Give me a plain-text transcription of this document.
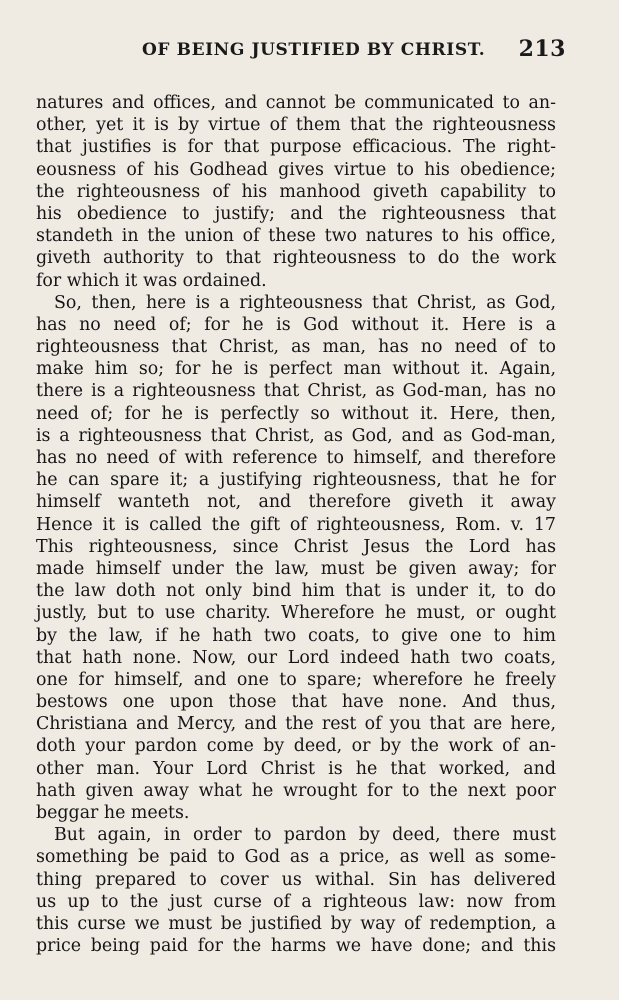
OF BEING JUSTIFIED BY CHRIST. 213
natures and offices, and cannot be communicated to an-
other, yet it is by virtue of them that the righteousness
that justifies is for that purpose efficacious. The right-
eousness of his Godhead gives virtue to his obedience;
the righteousness of his manhood giveth capability to
his obedience to justify; and the righteousness that
standeth in the union of these two natures to his office,
giveth authority to that righteousness to do the work
for which it was ordained.
So, then, here is a righteousness that Christ, as God,
has no need of; for he is God without it. Here is a
righteousness that Christ, as man, has no need of to
make him so; for he is perfect man without it. Again,
there is a righteousness that Christ, as God-man, has no
need of; for he is perfectly so without it. Here, then,
is a righteousness that Christ, as God, and as God-man,
has no need of with reference to himself, and therefore
he can spare it; a justifying righteousness, that he for
himself wanteth not, and therefore giveth it away
Hence it is called the gift of righteousness, Rom. v. 17
This righteousness, since Christ Jesus the Lord has
made himself under the law, must be given away; for
the law doth not only bind him that is under it, to do
justly, but to use charity. Wherefore he must, or ought
by the law, if he hath two coats, to give one to him
that hath none. Now, our Lord indeed hath two coats,
one for himself, and one to spare; wherefore he freely
bestows one upon those that have none. And thus,
Christiana and Mercy, and the rest of you that are here,
doth your pardon come by deed, or by the work of an-
other man. Your Lord Christ is he that worked, and
hath given away what he wrought for to the next poor
beggar he meets.
But again, in order to pardon by deed, there must
something be paid to God as a price, as well as some-
thing prepared to cover us withal. Sin has delivered
us up to the just curse of a righteous law: now from
this curse we must be justified by way of redemption, a
price being paid for the harms we have done; and this
